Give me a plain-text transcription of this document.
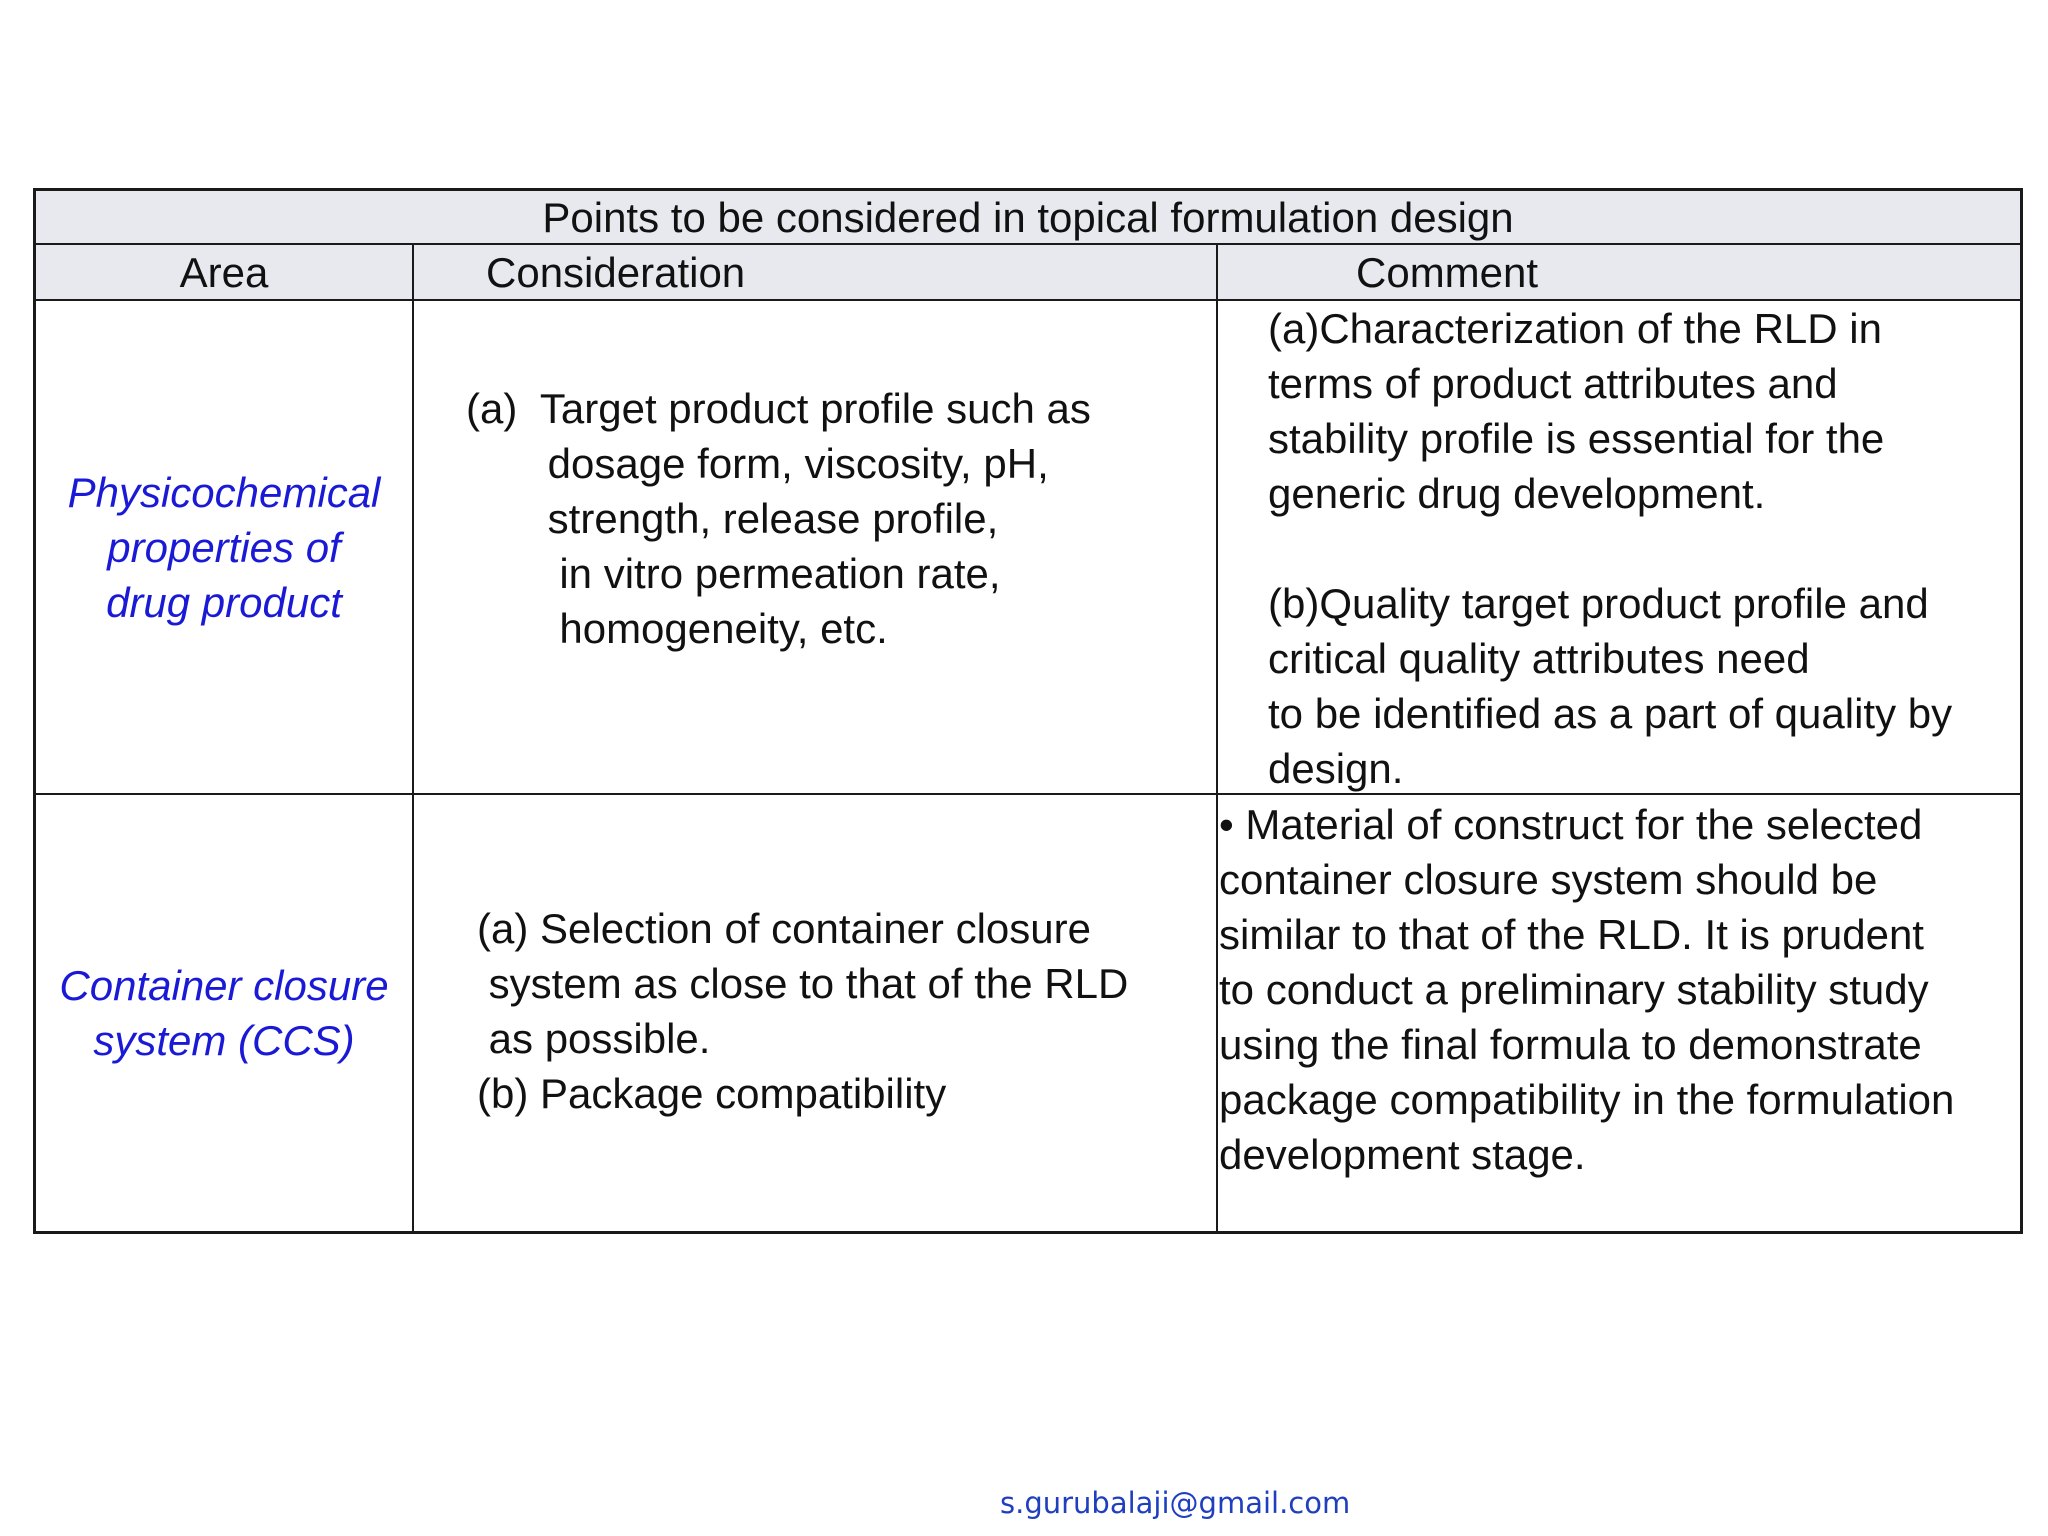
Points to be considered in topical formulation design
Area	Consideration	Comment
Physicochemical
properties of
drug product
(a)  Target product profile such as
dosage form, viscosity, pH,
strength, release profile,
in vitro permeation rate,
homogeneity, etc.
(a)Characterization of the RLD in
terms of product attributes and
stability profile is essential for the
generic drug development.

(b)Quality target product profile and
critical quality attributes need
to be identified as a part of quality by
design.
Container closure
system (CCS)
(a) Selection of container closure
system as close to that of the RLD
as possible.
(b) Package compatibility
• Material of construct for the selected
container closure system should be
similar to that of the RLD. It is prudent
to conduct a preliminary stability study
using the final formula to demonstrate
package compatibility in the formulation
development stage.
s.gurubalaji@gmail.com
